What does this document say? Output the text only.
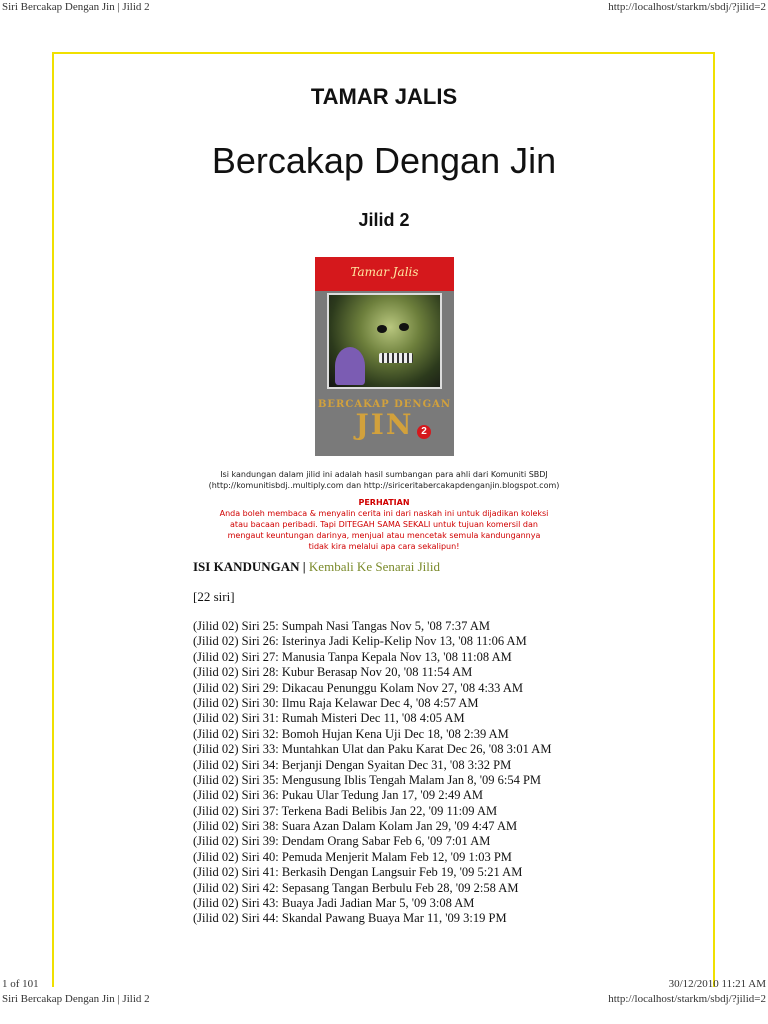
Siri Bercakap Dengan Jin | Jilid 2	http://localhost/starkm/sbdj/?jilid=2
TAMAR JALIS
Bercakap Dengan Jin
Jilid 2
Tamar Jalis
BERCAKAP DENGAN
JIN 2
Isi kandungan dalam jilid ini adalah hasil sumbangan para ahli dari Komuniti SBDJ
(http://komunitisbdj..multiply.com dan http://siriceritabercakapdenganjin.blogspot.com)
PERHATIAN
Anda boleh membaca & menyalin cerita ini dari naskah ini untuk dijadikan koleksi
atau bacaan peribadi. Tapi DITEGAH SAMA SEKALI untuk tujuan komersil dan
mengaut keuntungan darinya, menjual atau mencetak semula kandungannya
tidak kira melalui apa cara sekalipun!
ISI KANDUNGAN | Kembali Ke Senarai Jilid
[22 siri]
(Jilid 02) Siri 25: Sumpah Nasi Tangas Nov 5, '08 7:37 AM
(Jilid 02) Siri 26: Isterinya Jadi Kelip-Kelip Nov 13, '08 11:06 AM
(Jilid 02) Siri 27: Manusia Tanpa Kepala Nov 13, '08 11:08 AM
(Jilid 02) Siri 28: Kubur Berasap Nov 20, '08 11:54 AM
(Jilid 02) Siri 29: Dikacau Penunggu Kolam Nov 27, '08 4:33 AM
(Jilid 02) Siri 30: Ilmu Raja Kelawar Dec 4, '08 4:57 AM
(Jilid 02) Siri 31: Rumah Misteri Dec 11, '08 4:05 AM
(Jilid 02) Siri 32: Bomoh Hujan Kena Uji Dec 18, '08 2:39 AM
(Jilid 02) Siri 33: Muntahkan Ulat dan Paku Karat Dec 26, '08 3:01 AM
(Jilid 02) Siri 34: Berjanji Dengan Syaitan Dec 31, '08 3:32 PM
(Jilid 02) Siri 35: Mengusung Iblis Tengah Malam Jan 8, '09 6:54 PM
(Jilid 02) Siri 36: Pukau Ular Tedung Jan 17, '09 2:49 AM
(Jilid 02) Siri 37: Terkena Badi Belibis Jan 22, '09 11:09 AM
(Jilid 02) Siri 38: Suara Azan Dalam Kolam Jan 29, '09 4:47 AM
(Jilid 02) Siri 39: Dendam Orang Sabar Feb 6, '09 7:01 AM
(Jilid 02) Siri 40: Pemuda Menjerit Malam Feb 12, '09 1:03 PM
(Jilid 02) Siri 41: Berkasih Dengan Langsuir Feb 19, '09 5:21 AM
(Jilid 02) Siri 42: Sepasang Tangan Berbulu Feb 28, '09 2:58 AM
(Jilid 02) Siri 43: Buaya Jadi Jadian Mar 5, '09 3:08 AM
(Jilid 02) Siri 44: Skandal Pawang Buaya Mar 11, '09 3:19 PM
1 of 101	30/12/2010 11:21 AM
Siri Bercakap Dengan Jin | Jilid 2	http://localhost/starkm/sbdj/?jilid=2
